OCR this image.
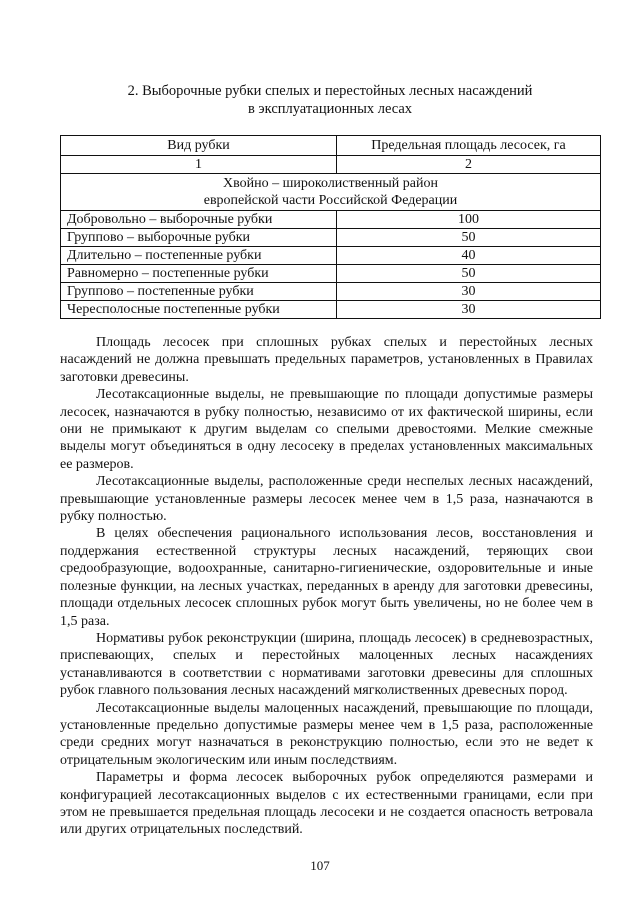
2. Выборочные рубки спелых и перестойных лесных насаждений
в эксплуатационных лесах
Вид рубки	Предельная площадь лесосек, га
1	2

Хвойно – широколиственный район
европейской части Российской Федерации	

Добровольно – выборочные рубки	100
Группово – выборочные рубки	50
Длительно – постепенные рубки	40
Равномерно – постепенные рубки	50
Группово – постепенные рубки	30
Чересполосные постепенные рубки	30

Площадь лесосек при сплошных рубках спелых и перестойных лесных насаждений не должна превышать предельных параметров, установленных в Правилах заготовки древесины.

Лесотаксационные выделы, не превышающие по площади допустимые размеры лесосек, назначаются в рубку полностью, независимо от их фактической ширины, если они не примыкают к другим выделам со спелыми древостоями. Мелкие смежные выделы могут объединяться в одну лесосеку в пределах установленных максимальных ее размеров.

Лесотаксационные выделы, расположенные среди неспелых лесных насаждений, превышающие установленные размеры лесосек менее чем в 1,5 раза, назначаются в рубку полностью.

В целях обеспечения рационального использования лесов, восстановления и поддержания естественной структуры лесных насаждений, теряющих свои средообразующие, водоохранные, санитарно-гигиенические, оздоровительные и иные полезные функции, на лесных участках, переданных в аренду для заготовки древесины, площади отдельных лесосек сплошных рубок могут быть увеличены, но не более чем в 1,5 раза.

Нормативы рубок реконструкции (ширина, площадь лесосек) в средневозрастных, приспевающих, спелых и перестойных малоценных лесных насаждениях устанавливаются в соответствии с нормативами заготовки древесины для сплошных рубок главного пользования лесных насаждений мягколиственных древесных пород.

Лесотаксационные выделы малоценных насаждений, превышающие по площади, установленные предельно допустимые размеры менее чем в 1,5 раза, расположенные среди средних могут назначаться в реконструкцию полностью, если это не ведет к отрицательным экологическим или иным последствиям.

Параметры и форма лесосек выборочных рубок определяются размерами и конфигурацией лесотаксационных выделов с их естественными границами, если при этом не превышается предельная площадь лесосеки и не создается опасность ветровала или других отрицательных последствий.

107
